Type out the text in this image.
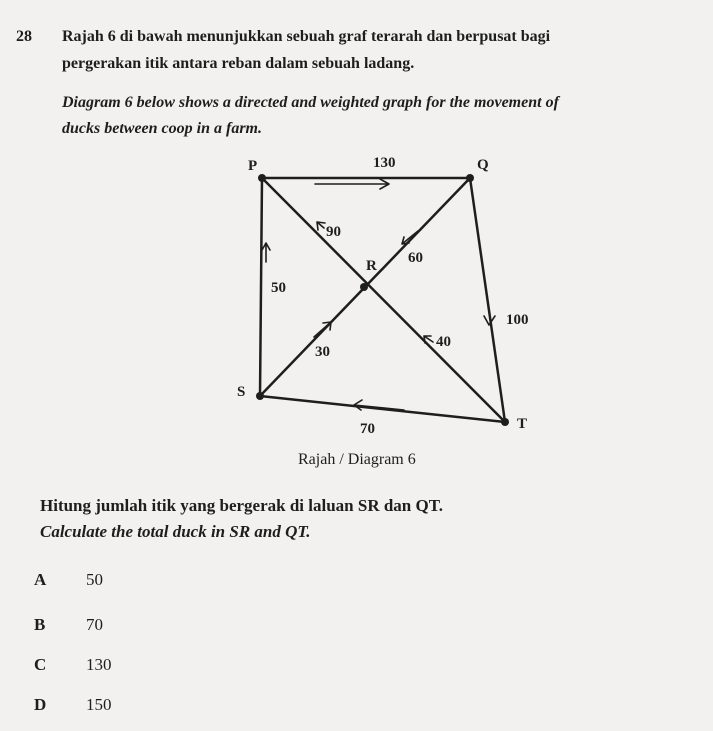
28 Rajah 6 di bawah menunjukkan sebuah graf terarah dan berpusat bagi
pergerakan itik antara reban dalam sebuah ladang.
Diagram 6 below shows a directed and weighted graph for the movement of
ducks between coop in a farm.
P	Q
R
S
T
130
90
60
50
30
100
40
70
Rajah / Diagram 6
Hitung jumlah itik yang bergerak di laluan SR dan QT.
Calculate the total duck in SR and QT.
A	50
B	70
C	130
D	150
